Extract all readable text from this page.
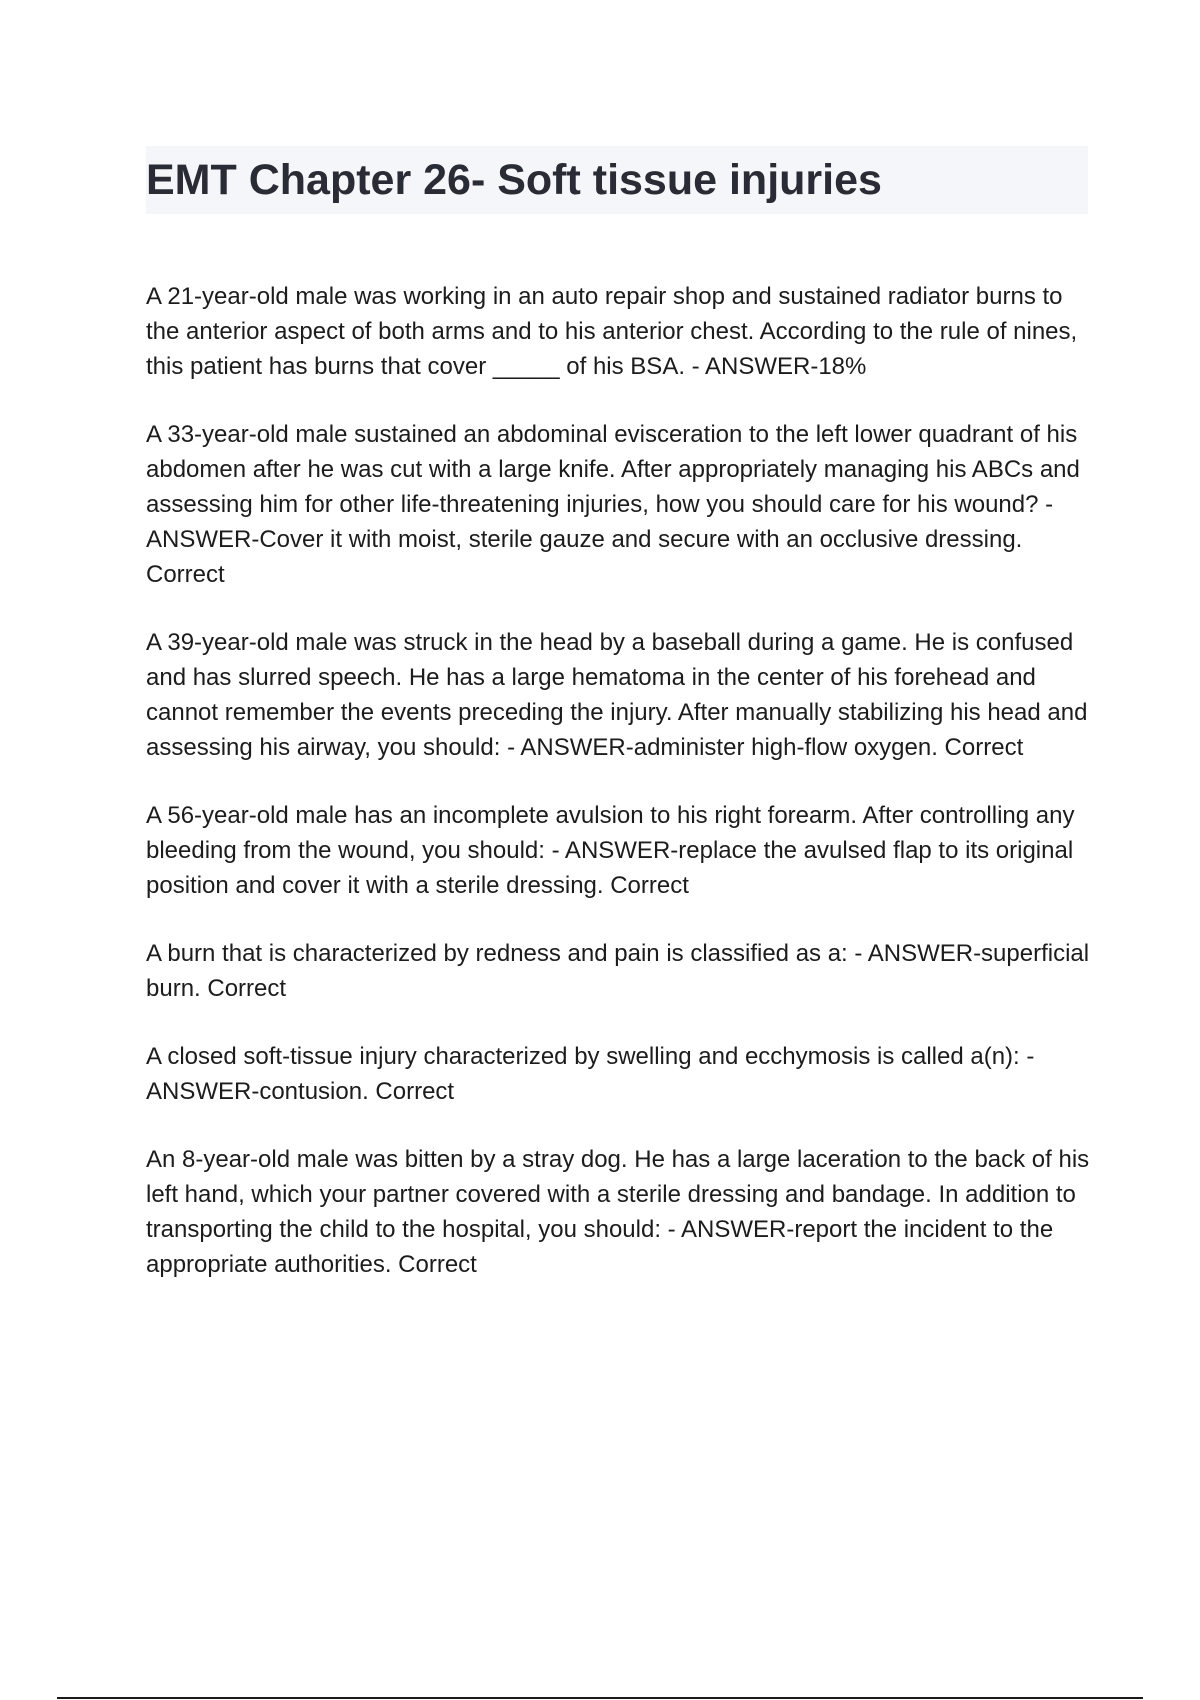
EMT Chapter 26- Soft tissue injuries

A 21-year-old male was working in an auto repair shop and sustained radiator burns to the anterior aspect of both arms and to his anterior chest. According to the rule of nines, this patient has burns that cover _____ of his BSA. - ANSWER-18%

A 33-year-old male sustained an abdominal evisceration to the left lower quadrant of his abdomen after he was cut with a large knife. After appropriately managing his ABCs and assessing him for other life-threatening injuries, how you should care for his wound? - ANSWER-Cover it with moist, sterile gauze and secure with an occlusive dressing. Correct

A 39-year-old male was struck in the head by a baseball during a game. He is confused and has slurred speech. He has a large hematoma in the center of his forehead and cannot remember the events preceding the injury. After manually stabilizing his head and assessing his airway, you should: - ANSWER-administer high-flow oxygen. Correct

A 56-year-old male has an incomplete avulsion to his right forearm. After controlling any bleeding from the wound, you should: - ANSWER-replace the avulsed flap to its original position and cover it with a sterile dressing. Correct

A burn that is characterized by redness and pain is classified as a: - ANSWER-superficial burn. Correct

A closed soft-tissue injury characterized by swelling and ecchymosis is called a(n): - ANSWER-contusion. Correct

An 8-year-old male was bitten by a stray dog. He has a large laceration to the back of his left hand, which your partner covered with a sterile dressing and bandage. In addition to transporting the child to the hospital, you should: - ANSWER-report the incident to the appropriate authorities. Correct
